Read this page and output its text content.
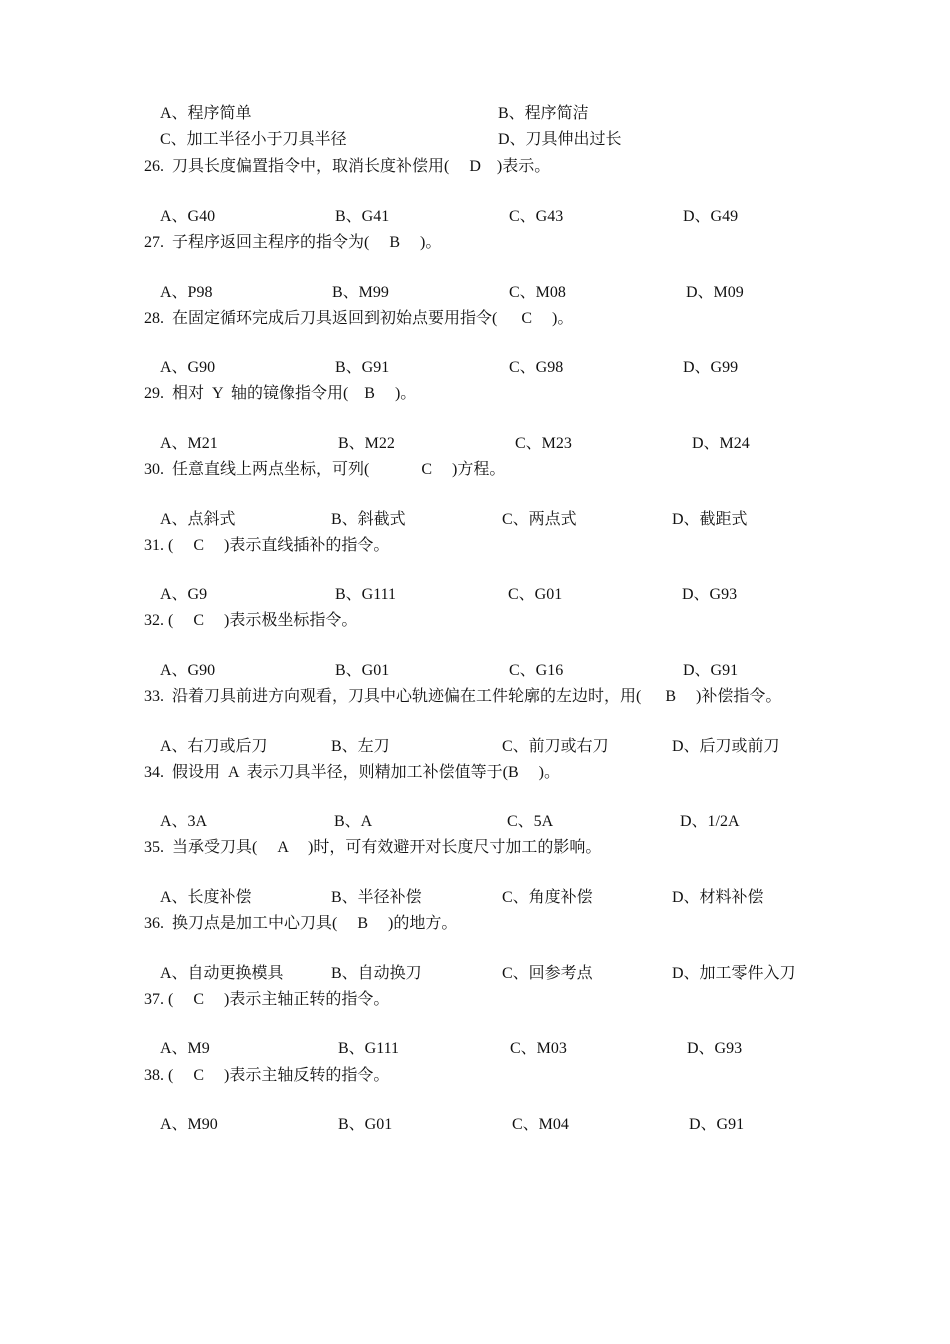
A、程序简单	B、程序简洁
C、加工半径小于刀具半径	D、刀具伸出过长
26.  刀具长度偏置指令中，取消长度补偿用(     D    )表示。
A、G40	B、G41	C、G43	D、G49
27.  子程序返回主程序的指令为(     B     )。
A、P98	B、M99	C、M08	D、M09
28.  在固定循环完成后刀具返回到初始点要用指令(      C     )。
A、G90	B、G91	C、G98	D、G99
29.  相对  Y  轴的镜像指令用(    B     )。
A、M21	B、M22	C、M23	D、M24
30.  任意直线上两点坐标，可列(             C     )方程。
A、点斜式	B、斜截式	C、两点式	D、截距式
31. (     C     )表示直线插补的指令。
A、G9	B、G111	C、G01	D、G93
32. (     C     )表示极坐标指令。
A、G90	B、G01	C、G16	D、G91
33.  沿着刀具前进方向观看，刀具中心轨迹偏在工件轮廓的左边时，用(      B     )补偿指令。
A、右刀或后刀	B、左刀	C、前刀或右刀	D、后刀或前刀
34.  假设用  A  表示刀具半径，则精加工补偿值等于(B     )。
A、3A	B、A	C、5A	D、1/2A
35.  当承受刀具(     A     )时，可有效避开对长度尺寸加工的影响。
A、长度补偿	B、半径补偿	C、角度补偿	D、材料补偿
36.  换刀点是加工中心刀具(     B     )的地方。
A、自动更换模具	B、自动换刀	C、回参考点	D、加工零件入刀
37. (     C     )表示主轴正转的指令。
A、M9	B、G111	C、M03	D、G93
38. (     C     )表示主轴反转的指令。
A、M90	B、G01	C、M04	D、G91
